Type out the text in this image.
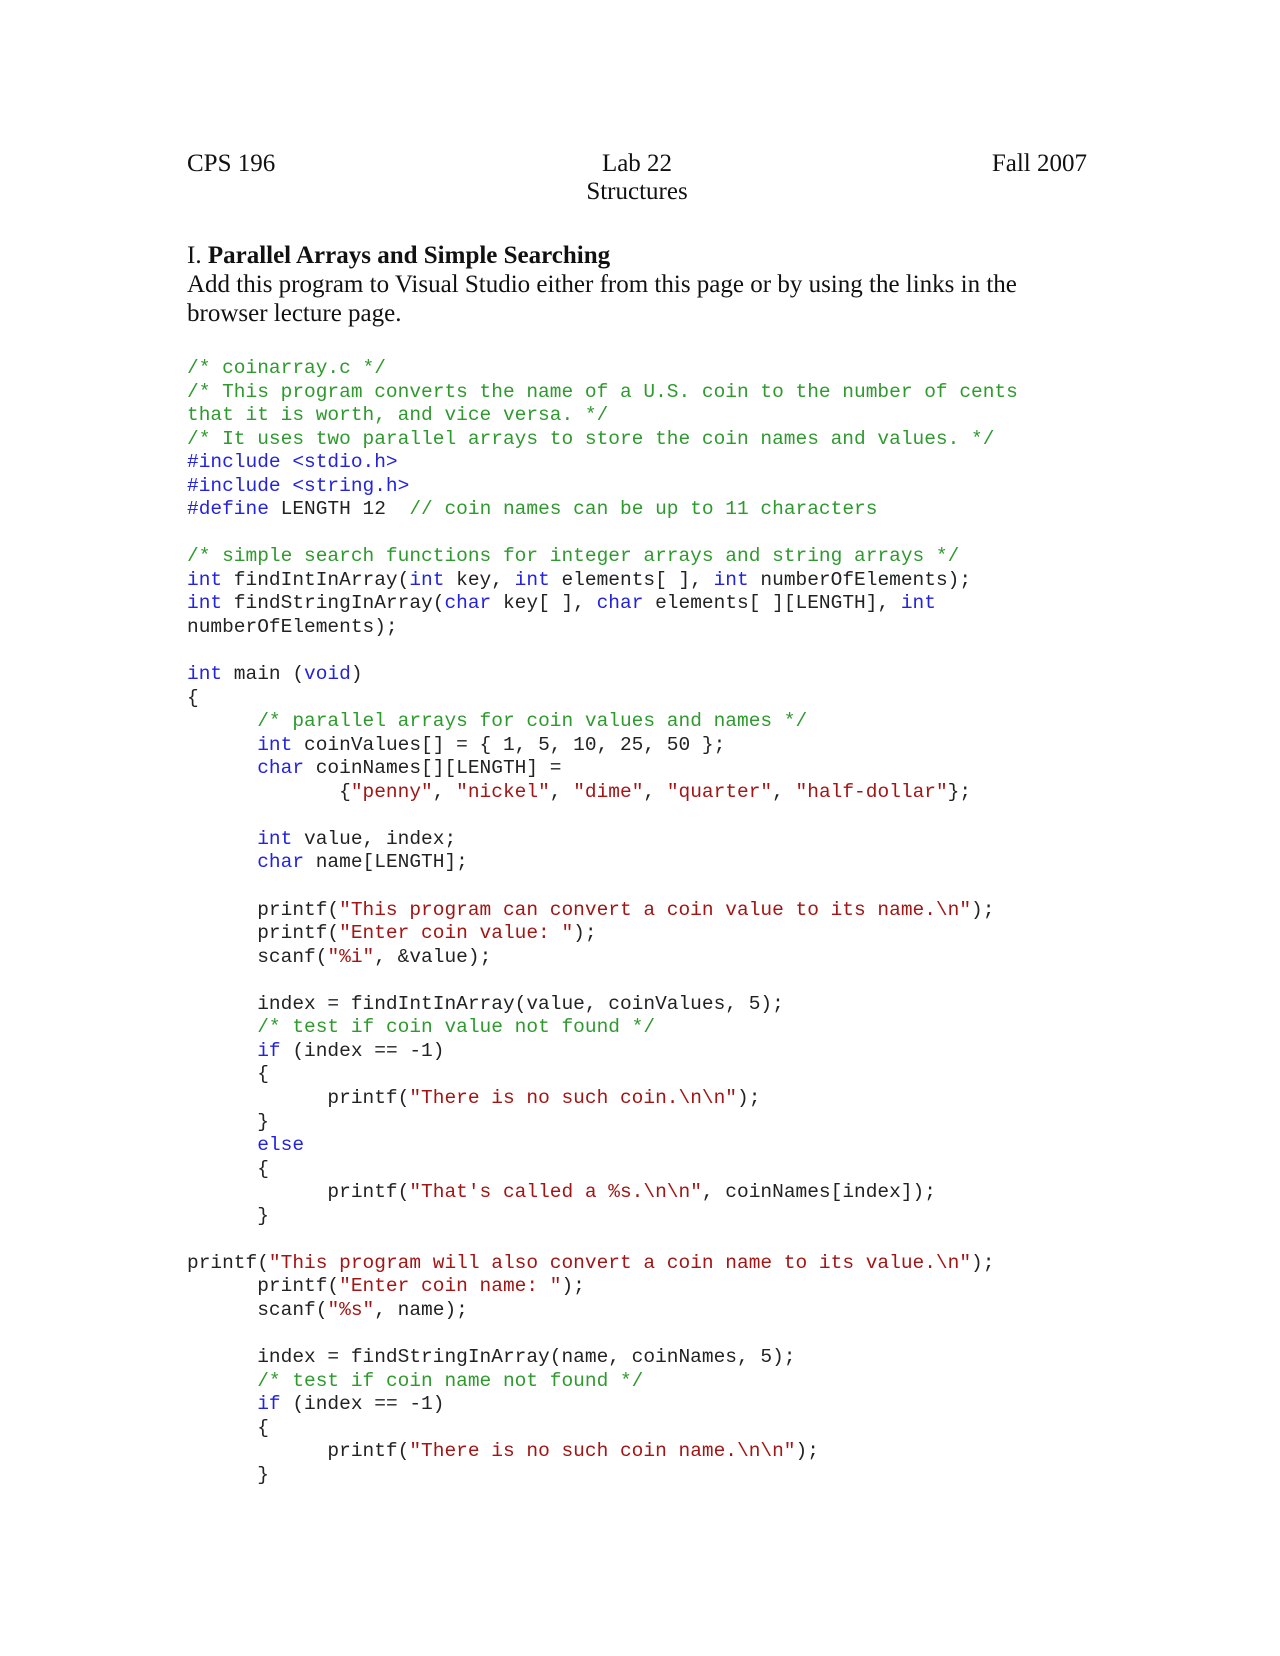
CPS 196	Lab 22
Structures
Fall 2007
I. Parallel Arrays and Simple Searching
Add this program to Visual Studio either from this page or by using the links in the browser lecture page.
/* coinarray.c */
/* This program converts the name of a U.S. coin to the number of cents
that it is worth, and vice versa. */
/* It uses two parallel arrays to store the coin names and values. */
#include <stdio.h>
#include <string.h>
#define LENGTH 12  // coin names can be up to 11 characters

/* simple search functions for integer arrays and string arrays */
int findIntInArray(int key, int elements[ ], int numberOfElements);
int findStringInArray(char key[ ], char elements[ ][LENGTH], int
numberOfElements);

int main (void)
{
/* parallel arrays for coin values and names */
int coinValues[] = { 1, 5, 10, 25, 50 };
char coinNames[][LENGTH] =
{"penny", "nickel", "dime", "quarter", "half-dollar"};

int value, index;
char name[LENGTH];

printf("This program can convert a coin value to its name.\n");
printf("Enter coin value: ");
scanf("%i", &value);

index = findIntInArray(value, coinValues, 5);
/* test if coin value not found */
if (index == -1)
{
printf("There is no such coin.\n\n");
}
else
{
printf("That's called a %s.\n\n", coinNames[index]);
}

printf("This program will also convert a coin name to its value.\n");
printf("Enter coin name: ");
scanf("%s", name);

index = findStringInArray(name, coinNames, 5);
/* test if coin name not found */
if (index == -1)
{
printf("There is no such coin name.\n\n");
}
